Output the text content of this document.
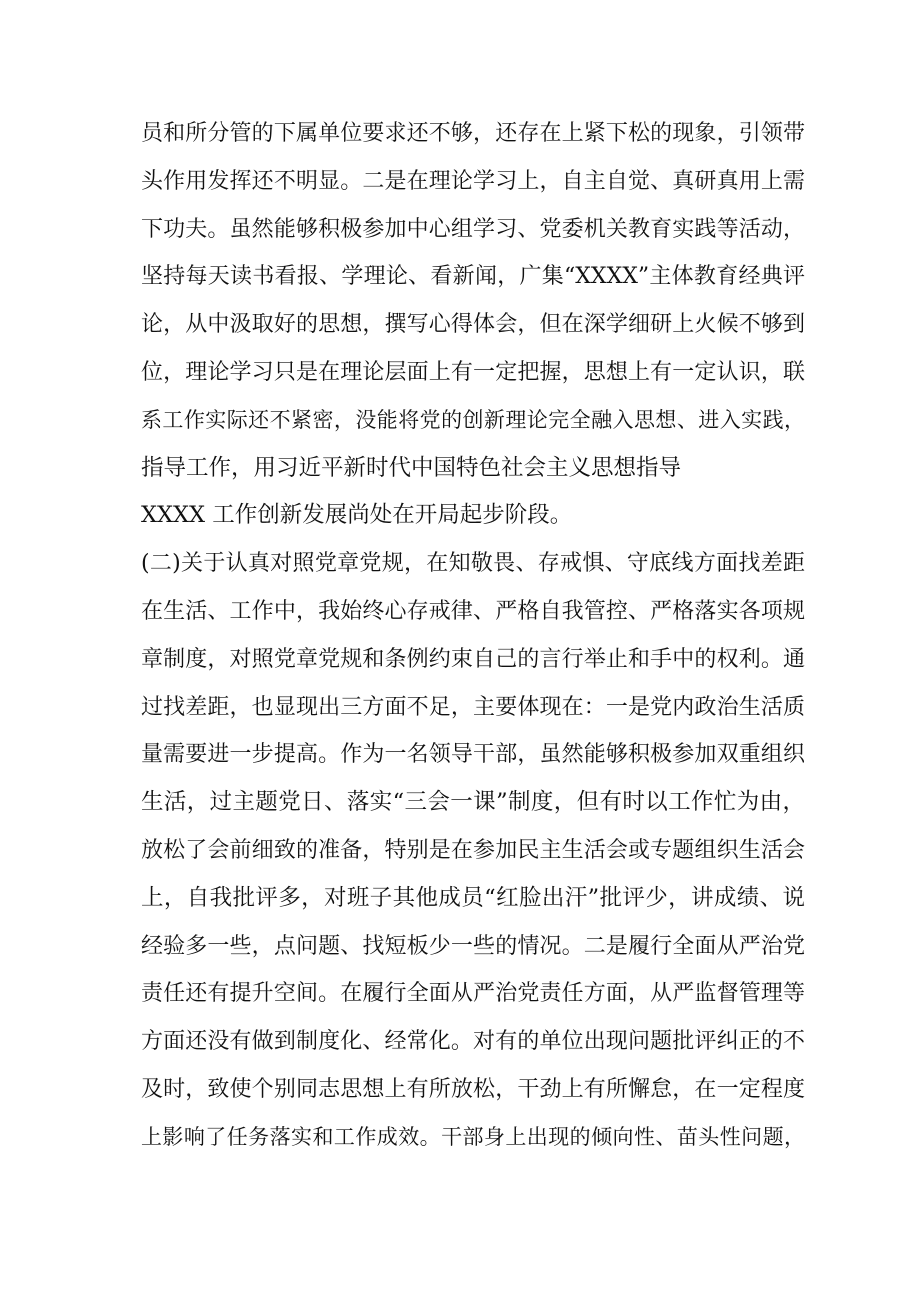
员和所分管的下属单位要求还不够，还存在上紧下松的现象，引领带
头作用发挥还不明显。二是在理论学习上，自主自觉、真研真用上需
下功夫。虽然能够积极参加中心组学习、党委机关教育实践等活动，
坚持每天读书看报、学理论、看新闻，广集“XXXX”主体教育经典评
论，从中汲取好的思想，撰写心得体会，但在深学细研上火候不够到
位，理论学习只是在理论层面上有一定把握，思想上有一定认识，联
系工作实际还不紧密，没能将党的创新理论完全融入思想、进入实践，
指导工作，用习近平新时代中国特色社会主义思想指导
XXXX 工作创新发展尚处在开局起步阶段。
(二)关于认真对照党章党规，在知敬畏、存戒惧、守底线方面找差距
在生活、工作中，我始终心存戒律、严格自我管控、严格落实各项规
章制度，对照党章党规和条例约束自己的言行举止和手中的权利。通
过找差距，也显现出三方面不足，主要体现在：一是党内政治生活质
量需要进一步提高。作为一名领导干部，虽然能够积极参加双重组织
生活，过主题党日、落实“三会一课”制度，但有时以工作忙为由，
放松了会前细致的准备，特别是在参加民主生活会或专题组织生活会
上，自我批评多，对班子其他成员“红脸出汗”批评少，讲成绩、说
经验多一些，点问题、找短板少一些的情况。二是履行全面从严治党
责任还有提升空间。在履行全面从严治党责任方面，从严监督管理等
方面还没有做到制度化、经常化。对有的单位出现问题批评纠正的不
及时，致使个别同志思想上有所放松，干劲上有所懈怠，在一定程度
上影响了任务落实和工作成效。干部身上出现的倾向性、苗头性问题，
